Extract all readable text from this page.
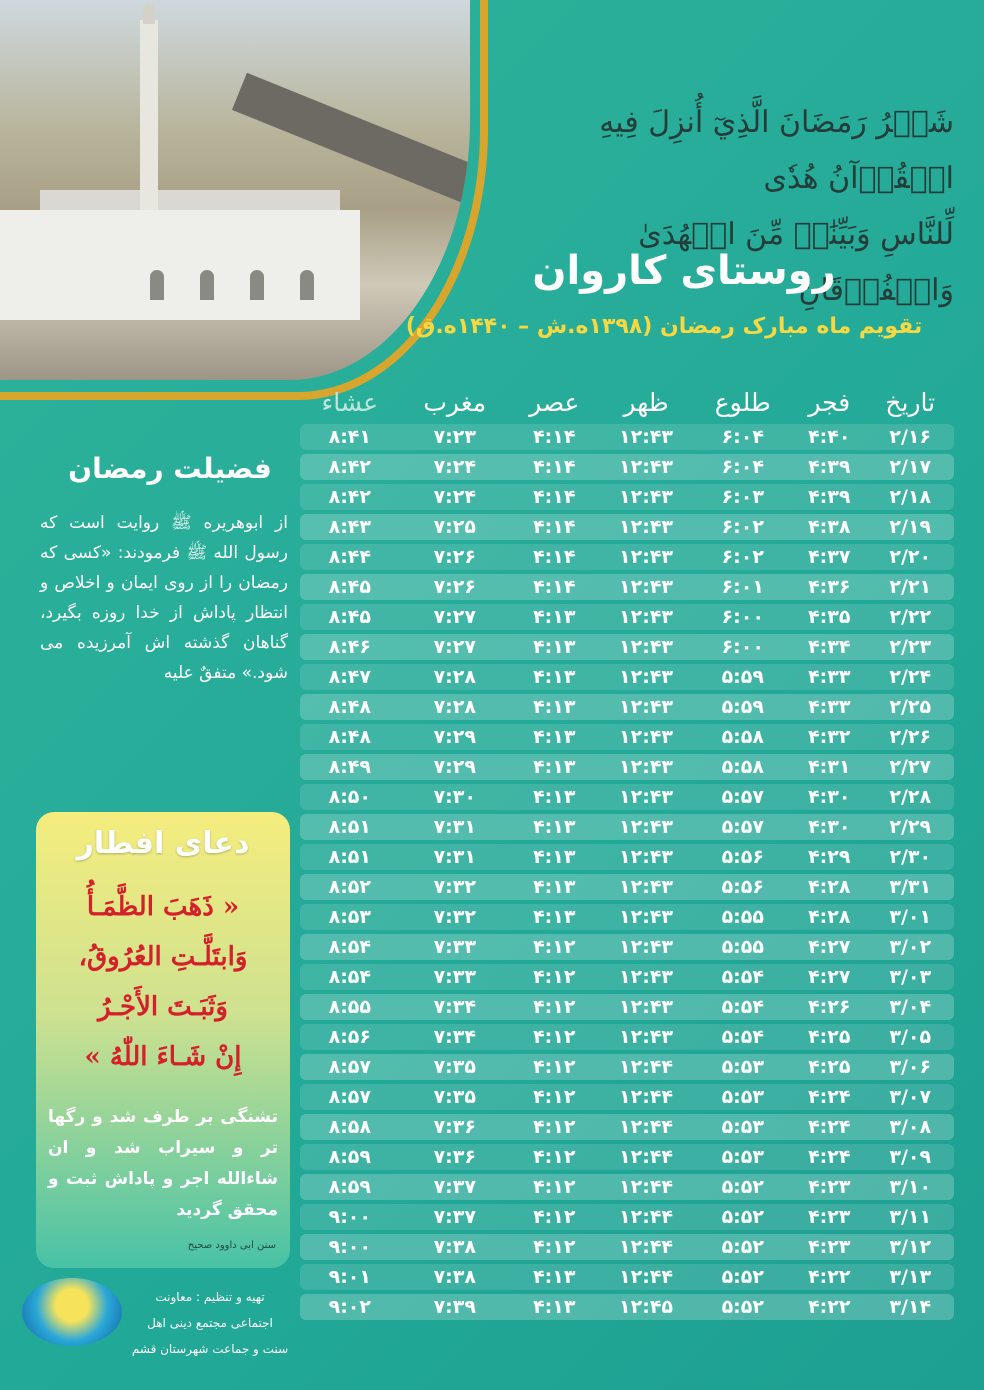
شَهۡرُ رَمَضَانَ الَّذِيٓ أُنزِلَ فِيهِ الۡقُرۡآنُ هُدٗى
لِّلنَّاسِ وَبَيِّنَٰتٖ مِّنَ الۡهُدَىٰ وَالۡفُرۡقَانِ
روستای کاروان
تقویم ماه مبارک رمضان (۱۳۹۸ه.ش – ۱۴۴۰ه.ق)
تاریخ	فجر	طلوع	ظهر	عصر	مغرب	عشاء
۲/۱۶	۴:۴۰	۶:۰۴	۱۲:۴۳	۴:۱۴	۷:۲۳	۸:۴۱
۲/۱۷	۴:۳۹	۶:۰۴	۱۲:۴۳	۴:۱۴	۷:۲۴	۸:۴۲
۲/۱۸	۴:۳۹	۶:۰۳	۱۲:۴۳	۴:۱۴	۷:۲۴	۸:۴۲
۲/۱۹	۴:۳۸	۶:۰۲	۱۲:۴۳	۴:۱۴	۷:۲۵	۸:۴۳
۲/۲۰	۴:۳۷	۶:۰۲	۱۲:۴۳	۴:۱۴	۷:۲۶	۸:۴۴
۲/۲۱	۴:۳۶	۶:۰۱	۱۲:۴۳	۴:۱۴	۷:۲۶	۸:۴۵
۲/۲۲	۴:۳۵	۶:۰۰	۱۲:۴۳	۴:۱۳	۷:۲۷	۸:۴۵
۲/۲۳	۴:۳۴	۶:۰۰	۱۲:۴۳	۴:۱۳	۷:۲۷	۸:۴۶
۲/۲۴	۴:۳۳	۵:۵۹	۱۲:۴۳	۴:۱۳	۷:۲۸	۸:۴۷
۲/۲۵	۴:۳۳	۵:۵۹	۱۲:۴۳	۴:۱۳	۷:۲۸	۸:۴۸
۲/۲۶	۴:۳۲	۵:۵۸	۱۲:۴۳	۴:۱۳	۷:۲۹	۸:۴۸
۲/۲۷	۴:۳۱	۵:۵۸	۱۲:۴۳	۴:۱۳	۷:۲۹	۸:۴۹
۲/۲۸	۴:۳۰	۵:۵۷	۱۲:۴۳	۴:۱۳	۷:۳۰	۸:۵۰
۲/۲۹	۴:۳۰	۵:۵۷	۱۲:۴۳	۴:۱۳	۷:۳۱	۸:۵۱
۲/۳۰	۴:۲۹	۵:۵۶	۱۲:۴۳	۴:۱۳	۷:۳۱	۸:۵۱
۳/۳۱	۴:۲۸	۵:۵۶	۱۲:۴۳	۴:۱۳	۷:۳۲	۸:۵۲
۳/۰۱	۴:۲۸	۵:۵۵	۱۲:۴۳	۴:۱۳	۷:۳۲	۸:۵۳
۳/۰۲	۴:۲۷	۵:۵۵	۱۲:۴۳	۴:۱۲	۷:۳۳	۸:۵۴
۳/۰۳	۴:۲۷	۵:۵۴	۱۲:۴۳	۴:۱۲	۷:۳۳	۸:۵۴
۳/۰۴	۴:۲۶	۵:۵۴	۱۲:۴۳	۴:۱۲	۷:۳۴	۸:۵۵
۳/۰۵	۴:۲۵	۵:۵۴	۱۲:۴۳	۴:۱۲	۷:۳۴	۸:۵۶
۳/۰۶	۴:۲۵	۵:۵۳	۱۲:۴۴	۴:۱۲	۷:۳۵	۸:۵۷
۳/۰۷	۴:۲۴	۵:۵۳	۱۲:۴۴	۴:۱۲	۷:۳۵	۸:۵۷
۳/۰۸	۴:۲۴	۵:۵۳	۱۲:۴۴	۴:۱۲	۷:۳۶	۸:۵۸
۳/۰۹	۴:۲۴	۵:۵۳	۱۲:۴۴	۴:۱۲	۷:۳۶	۸:۵۹
۳/۱۰	۴:۲۳	۵:۵۲	۱۲:۴۴	۴:۱۲	۷:۳۷	۸:۵۹
۳/۱۱	۴:۲۳	۵:۵۲	۱۲:۴۴	۴:۱۲	۷:۳۷	۹:۰۰
۳/۱۲	۴:۲۳	۵:۵۲	۱۲:۴۴	۴:۱۲	۷:۳۸	۹:۰۰
۳/۱۳	۴:۲۲	۵:۵۲	۱۲:۴۴	۴:۱۳	۷:۳۸	۹:۰۱
۳/۱۴	۴:۲۲	۵:۵۲	۱۲:۴۵	۴:۱۳	۷:۳۹	۹:۰۲
فضیلت رمضان
از ابوهریره ﷺ روایت است که رسول الله ﷺ فرمودند: «کسی که رمضان را از روی ایمان و اخلاص و انتظار پاداش از خدا روزه بگیرد، گناهان گذشته اش آمرزیده می شود.» متفقٌ علیه
دعای افطار
« ذَهَبَ الظَّمَـأُ
وَابتَلَّـتِ العُرُوقُ،
وَثَبَـتَ الأَجْـرُ
إِنْ شَـاءَ اللّٰهُ »
تشنگی بر طرف شد و رگها تر و سیراب شد و ان شاءالله اجر و پاداش ثبت و محقق گردید
سنن ابی داوود صحیح
تهیه و تنظیم : معاونت
اجتماعی مجتمع دینی اهل
سنت و جماعت شهرستان قشم
